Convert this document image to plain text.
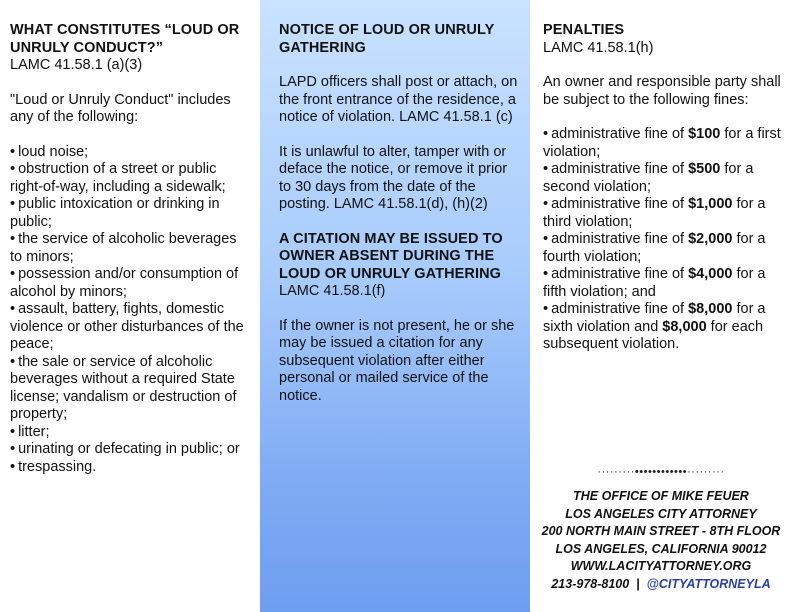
WHAT CONSTITUTES “LOUD OR UNRULY CONDUCT?”

LAMC 41.58.1 (a)(3)

"Loud or Unruly Conduct" includes any of the following:

• loud noise;
• obstruction of a street or public right-of-way, including a sidewalk;
• public intoxication or drinking in public;
• the service of alcoholic beverages to minors;
• possession and/or consumption of alcohol by minors;
• assault, battery, fights, domestic violence or other disturbances of the peace;
• the sale or service of alcoholic beverages without a required State license; vandalism or destruction of property;
• litter;
• urinating or defecating in public; or
• trespassing.

NOTICE OF LOUD OR UNRULY GATHERING

LAPD officers shall post or attach, on the front entrance of the residence, a notice of violation. LAMC 41.58.1 (c)

It is unlawful to alter, tamper with or deface the notice, or remove it prior to 30 days from the date of the posting. LAMC 41.58.1(d), (h)(2)

A CITATION MAY BE ISSUED TO OWNER ABSENT DURING THE LOUD OR UNRULY GATHERING

LAMC 41.58.1(f)

If the owner is not present, he or she may be issued a citation for any subsequent violation after either personal or mailed service of the notice.

PENALTIES

LAMC 41.58.1(h)

An owner and responsible party shall be subject to the following fines:

• administrative fine of $100 for a first violation;
• administrative fine of $500 for a second violation;
• administrative fine of $1,000 for a third violation;
• administrative fine of $2,000 for a fourth violation;
• administrative fine of $4,000 for a fifth violation; and
• administrative fine of $8,000 for a sixth violation and $8,000 for each subsequent violation.
·········••••••••••••·········
THE OFFICE OF MIKE FEUER
LOS ANGELES CITY ATTORNEY
200 NORTH MAIN STREET - 8TH FLOOR
LOS ANGELES, CALIFORNIA 90012
WWW.LACITYATTORNEY.ORG
213-978-8100 | @CITYATTORNEYLA
